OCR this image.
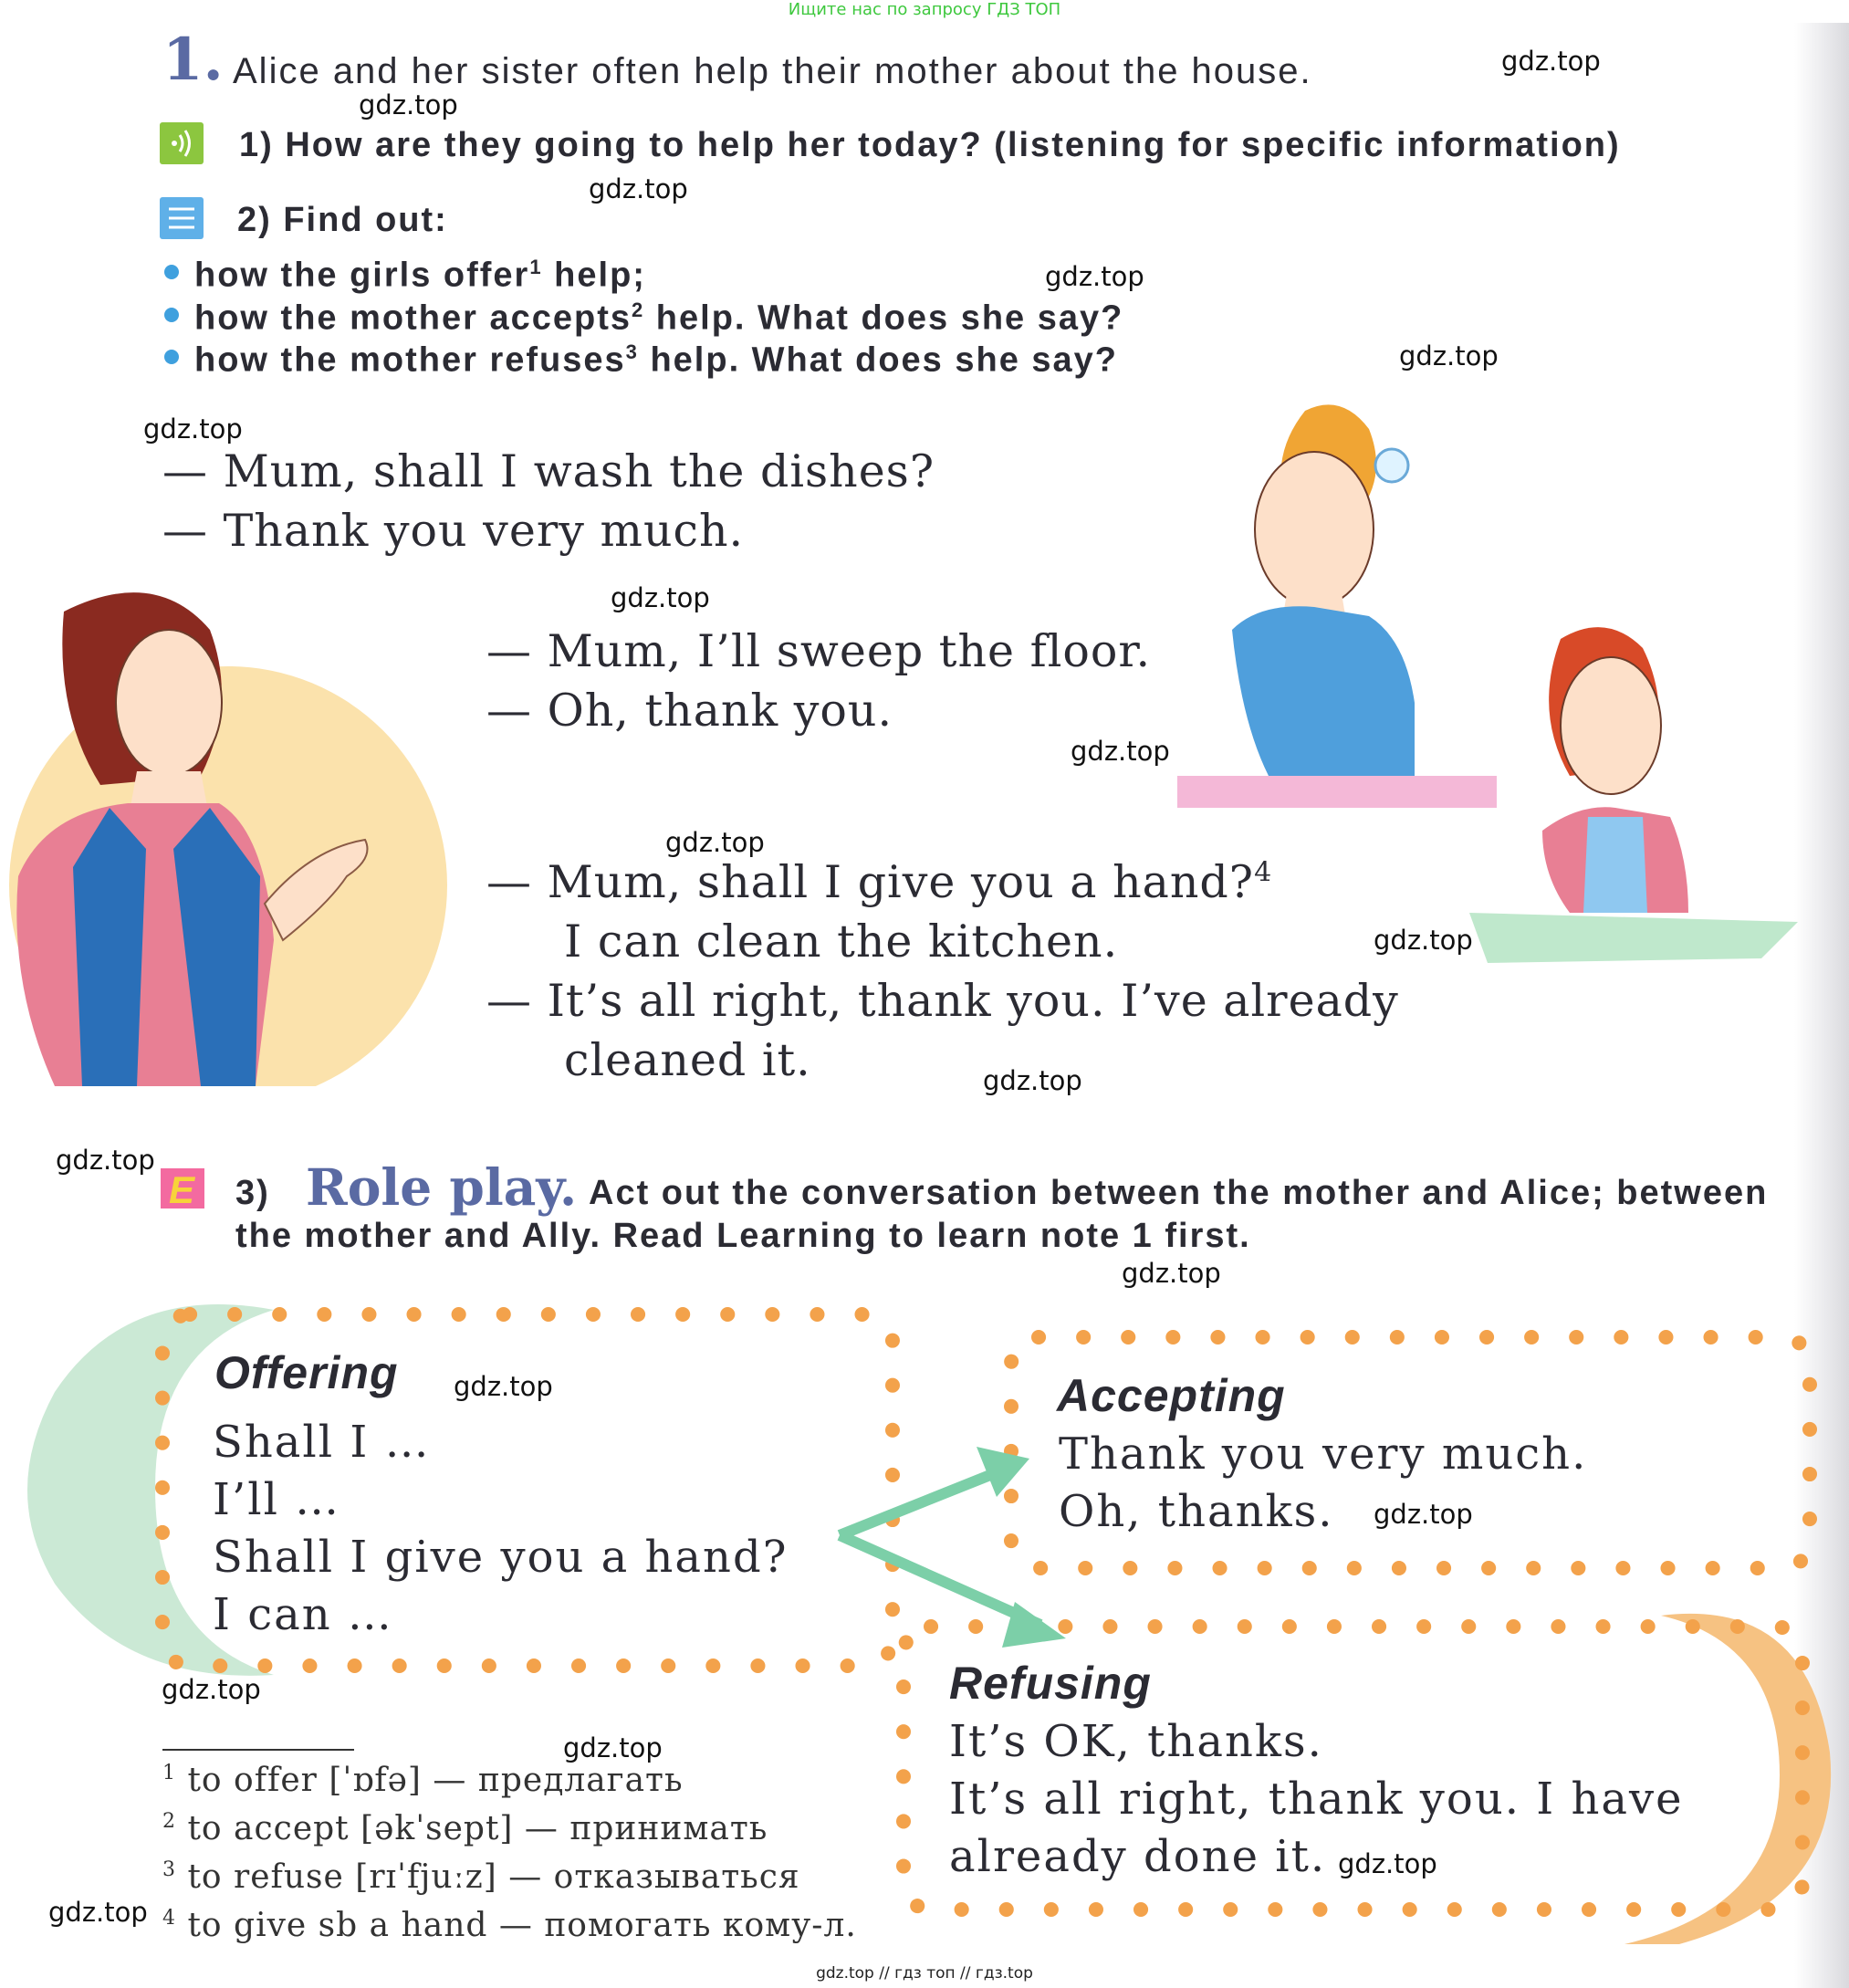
Ищите нас по запросу ГДЗ ТОП
1. Alice and her sister often help their mother about the house.
1) How are they going to help her today? (listening for specific information)
2) Find out:
how the girls offer$^1$ help;
how the mother accepts$^2$ help. What does she say?
how the mother refuses$^3$ help. What does she say?
— Mum, shall I wash the dishes?
— Thank you very much.
— Mum, I’ll sweep the floor.
— Oh, thank you.
— Mum, shall I give you a hand?$^4$
I can clean the kitchen.
— It’s all right, thank you. I’ve already
cleaned it.
E 3) Role play. Act out the conversation between the mother and Alice; between
the mother and Ally. Read Learning to learn note 1 first.
Offering
Shall I …
I’ll …
Shall I give you a hand?
I can …
Accepting
Thank you very much.
Oh, thanks.
Refusing
It’s OK, thanks.
It’s all right, thank you. I have
already done it.
$^1$ to offer [ˈɒfə] — предлагать
$^2$ to accept [əkˈsept] — принимать
$^3$ to refuse [rɪˈfjuːz] — отказываться
$^4$ to give sb a hand — помогать кому-л.
gdz.top
gdz.top
gdz.top
gdz.top
gdz.top
gdz.top
gdz.top
gdz.top
gdz.top
gdz.top
gdz.top
gdz.top
gdz.top
gdz.top
gdz.top
gdz.top
gdz.top
gdz.top
gdz.top
gdz.top // гдз топ // гдз.top
